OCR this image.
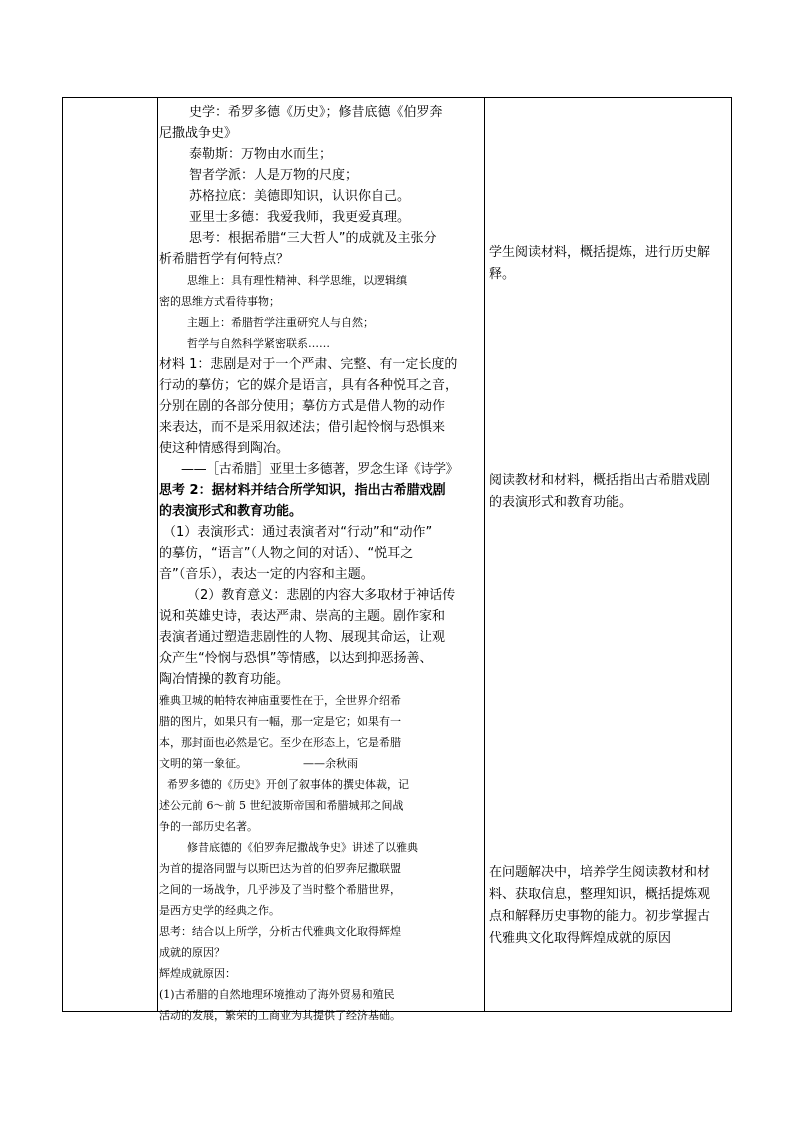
史学：希罗多德《历史》；修昔底德《伯罗奔
尼撒战争史》
泰勒斯：万物由水而生；
智者学派：人是万物的尺度；
苏格拉底：美德即知识，认识你自己。
亚里士多德：我爱我师，我更爱真理。
思考：根据希腊“三大哲人”的成就及主张分
析希腊哲学有何特点？
思维上：具有理性精神、科学思维，以逻辑缜
密的思维方式看待事物；
主题上：希腊哲学注重研究人与自然；
哲学与自然科学紧密联系……
材料 1：悲剧是对于一个严肃、完整、有一定长度的
行动的摹仿；它的媒介是语言，具有各种悦耳之音，
分别在剧的各部分使用；摹仿方式是借人物的动作
来表达，而不是采用叙述法；借引起怜悯与恐惧来
使这种情感得到陶冶。
——［古希腊］亚里士多德著，罗念生译《诗学》
思考 2：据材料并结合所学知识，指出古希腊戏剧
的表演形式和教育功能。
（1）表演形式：通过表演者对“行动”和“动作”
的摹仿，“语言”（人物之间的对话）、“悦耳之
音”（音乐），表达一定的内容和主题。
（2）教育意义：悲剧的内容大多取材于神话传
说和英雄史诗，表达严肃、崇高的主题。剧作家和
表演者通过塑造悲剧性的人物、展现其命运，让观
众产生“怜悯与恐惧”等情感，以达到抑恶扬善、
陶冶情操的教育功能。
雅典卫城的帕特农神庙重要性在于，全世界介绍希
腊的图片，如果只有一幅，那一定是它；如果有一
本，那封面也必然是它。至少在形态上，它是希腊
文明的第一象征。                ——余秋雨
希罗多德的《历史》开创了叙事体的撰史体裁，记
述公元前 6～前 5 世纪波斯帝国和希腊城邦之间战
争的一部历史名著。
修昔底德的《伯罗奔尼撒战争史》讲述了以雅典
为首的提洛同盟与以斯巴达为首的伯罗奔尼撒联盟
之间的一场战争，几乎涉及了当时整个希腊世界，
是西方史学的经典之作。
思考：结合以上所学，分析古代雅典文化取得辉煌
成就的原因？
辉煌成就原因：
(1)古希腊的自然地理环境推动了海外贸易和殖民
活动的发展，繁荣的工商业为其提供了经济基础。
学生阅读材料，概括提炼，进行历史解
释。
阅读教材和材料，概括指出古希腊戏剧
的表演形式和教育功能。
在问题解决中，培养学生阅读教材和材
料、获取信息，整理知识，概括提炼观
点和解释历史事物的能力。初步掌握古
代雅典文化取得辉煌成就的原因
